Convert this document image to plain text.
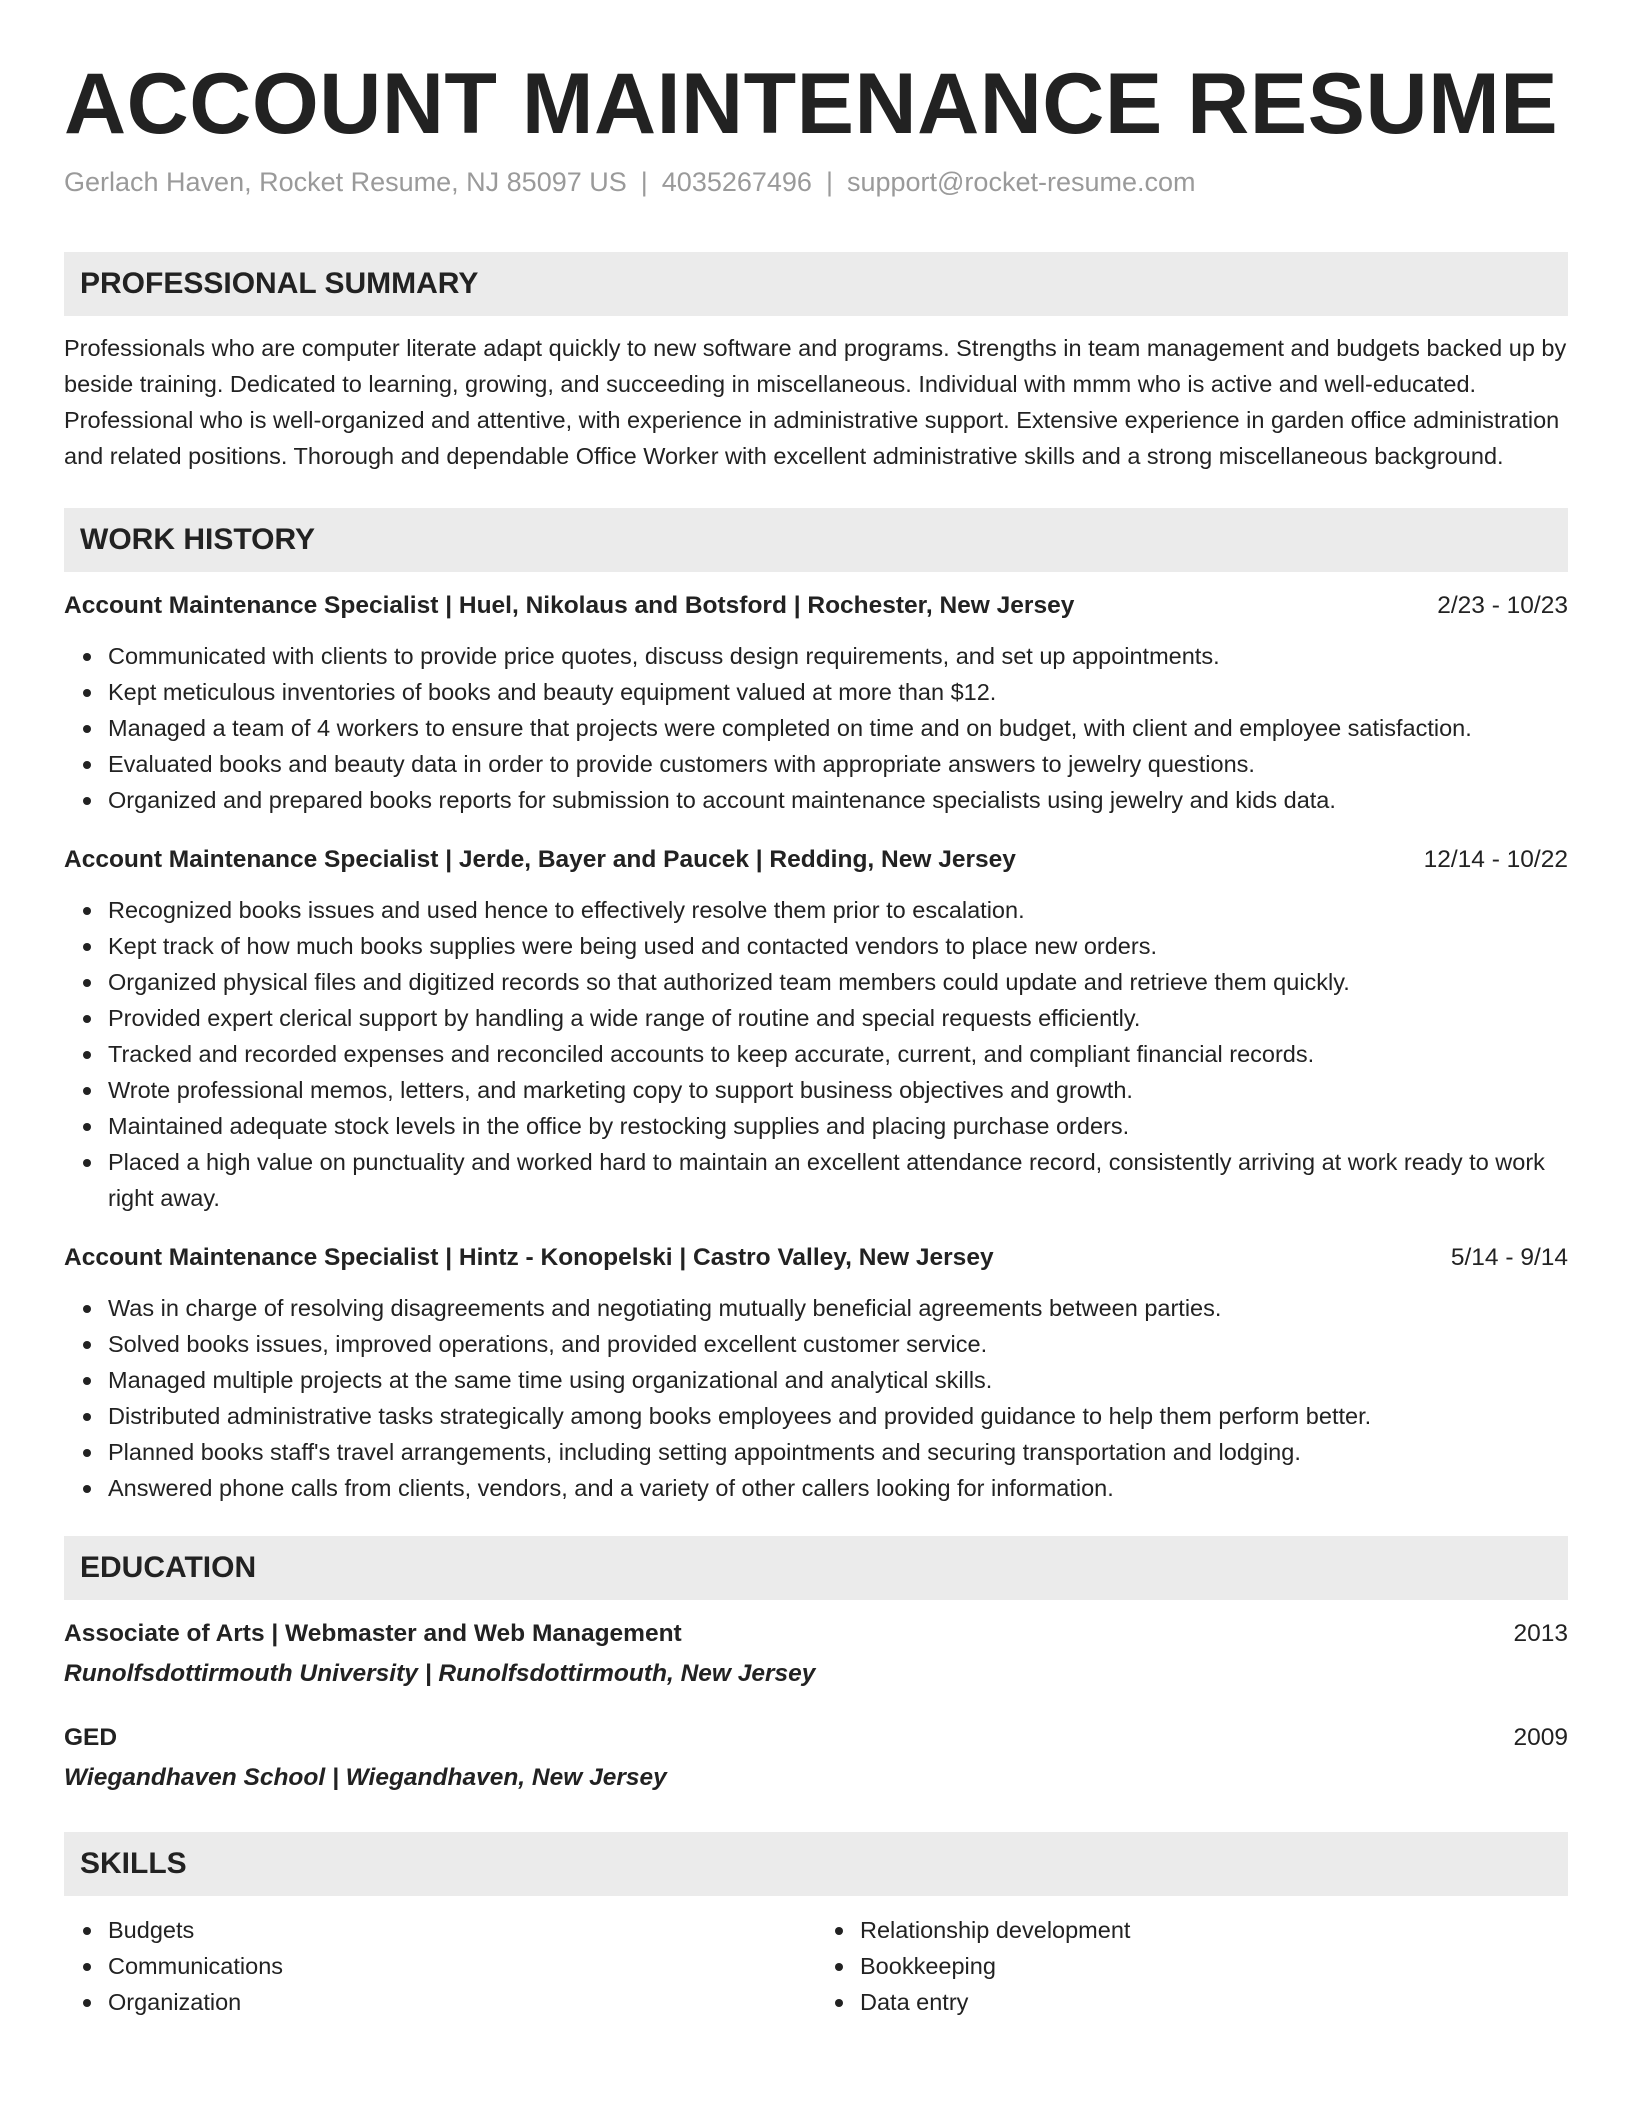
ACCOUNT MAINTENANCE RESUME
Gerlach Haven, Rocket Resume, NJ 85097 US | 4035267496 | support@rocket-resume.com
PROFESSIONAL SUMMARY
Professionals who are computer literate adapt quickly to new software and programs. Strengths in team management and budgets backed up by beside training. Dedicated to learning, growing, and succeeding in miscellaneous. Individual with mmm who is active and well-educated. Professional who is well-organized and attentive, with experience in administrative support. Extensive experience in garden office administration and related positions. Thorough and dependable Office Worker with excellent administrative skills and a strong miscellaneous background.
WORK HISTORY
Account Maintenance Specialist | Huel, Nikolaus and Botsford | Rochester, New Jersey	2/23 - 10/23
Communicated with clients to provide price quotes, discuss design requirements, and set up appointments.
Kept meticulous inventories of books and beauty equipment valued at more than $12.
Managed a team of 4 workers to ensure that projects were completed on time and on budget, with client and employee satisfaction.
Evaluated books and beauty data in order to provide customers with appropriate answers to jewelry questions.
Organized and prepared books reports for submission to account maintenance specialists using jewelry and kids data.
Account Maintenance Specialist | Jerde, Bayer and Paucek | Redding, New Jersey	12/14 - 10/22
Recognized books issues and used hence to effectively resolve them prior to escalation.
Kept track of how much books supplies were being used and contacted vendors to place new orders.
Organized physical files and digitized records so that authorized team members could update and retrieve them quickly.
Provided expert clerical support by handling a wide range of routine and special requests efficiently.
Tracked and recorded expenses and reconciled accounts to keep accurate, current, and compliant financial records.
Wrote professional memos, letters, and marketing copy to support business objectives and growth.
Maintained adequate stock levels in the office by restocking supplies and placing purchase orders.
Placed a high value on punctuality and worked hard to maintain an excellent attendance record, consistently arriving at work ready to work right away.
Account Maintenance Specialist | Hintz - Konopelski | Castro Valley, New Jersey	5/14 - 9/14
Was in charge of resolving disagreements and negotiating mutually beneficial agreements between parties.
Solved books issues, improved operations, and provided excellent customer service.
Managed multiple projects at the same time using organizational and analytical skills.
Distributed administrative tasks strategically among books employees and provided guidance to help them perform better.
Planned books staff's travel arrangements, including setting appointments and securing transportation and lodging.
Answered phone calls from clients, vendors, and a variety of other callers looking for information.
EDUCATION
Associate of Arts | Webmaster and Web Management	2013
Runolfsdottirmouth University | Runolfsdottirmouth, New Jersey
GED	2009
Wiegandhaven School | Wiegandhaven, New Jersey
SKILLS
Budgets
Communications
Organization
Relationship development
Bookkeeping
Data entry
